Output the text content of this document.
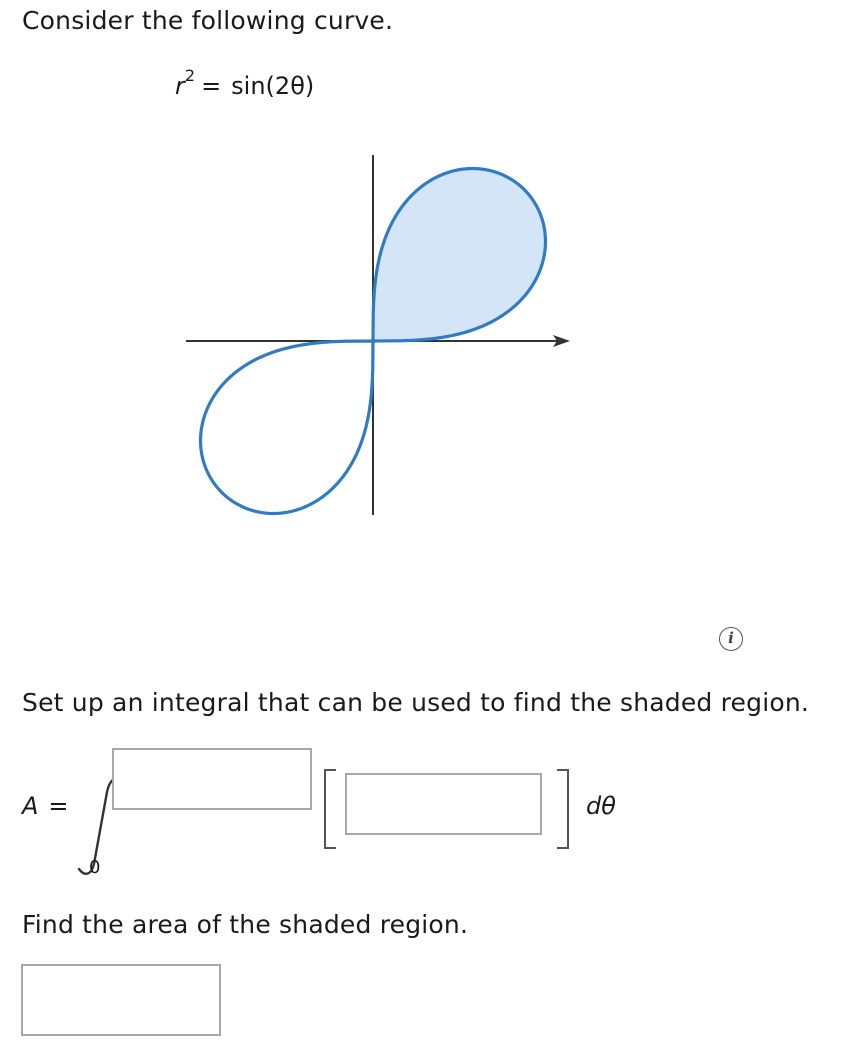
Consider the following curve.
$r^2 = \sin(2\theta)$
i
Set up an integral that can be used to find the shaded region.
A =
0
dθ
Find the area of the shaded region.
